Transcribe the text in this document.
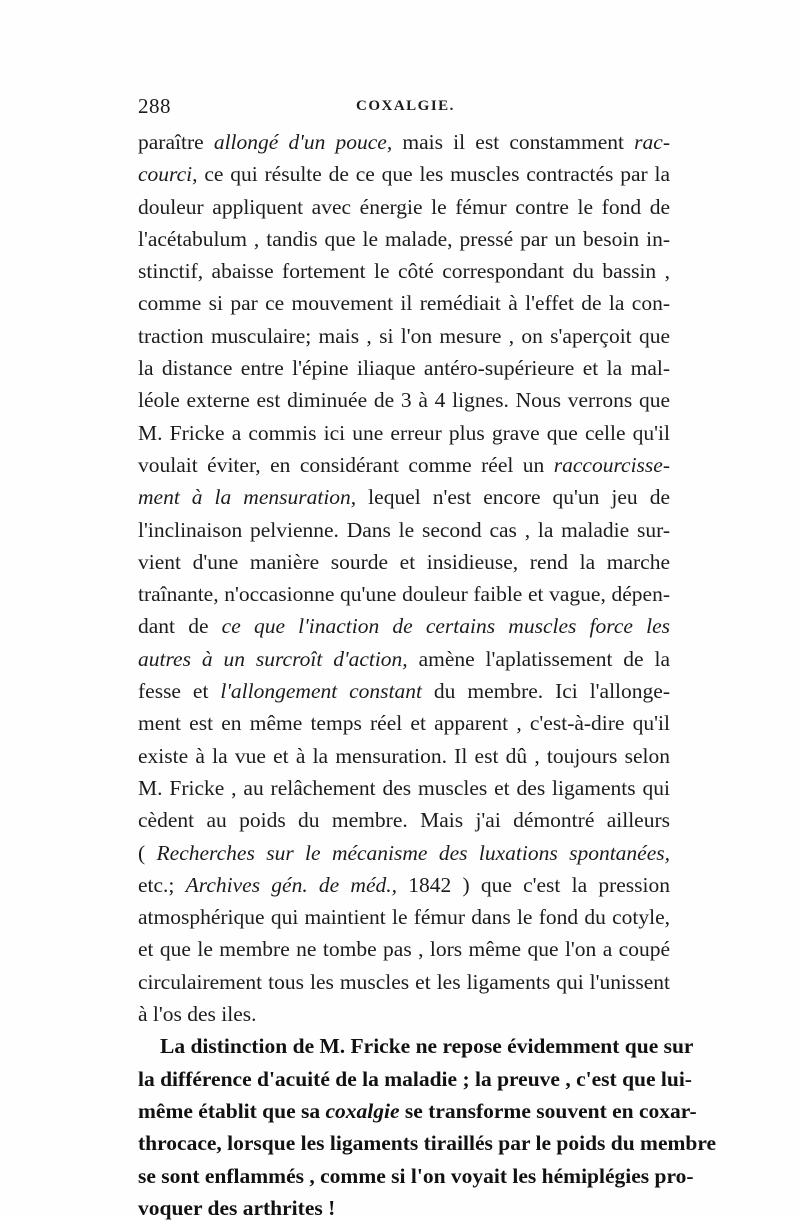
288	COXALGIE.
paraître allongé d'un pouce, mais il est constamment rac-
courci, ce qui résulte de ce que les muscles contractés par la
douleur appliquent avec énergie le fémur contre le fond de
l'acétabulum , tandis que le malade, pressé par un besoin in-
stinctif, abaisse fortement le côté correspondant du bassin ,
comme si par ce mouvement il remédiait à l'effet de la con-
traction musculaire; mais , si l'on mesure , on s'aperçoit que
la distance entre l'épine iliaque antéro-supérieure et la mal-
léole externe est diminuée de 3 à 4 lignes. Nous verrons que
M. Fricke a commis ici une erreur plus grave que celle qu'il
voulait éviter, en considérant comme réel un raccourcisse-
ment à la mensuration, lequel n'est encore qu'un jeu de
l'inclinaison pelvienne. Dans le second cas , la maladie sur-
vient d'une manière sourde et insidieuse, rend la marche
traînante, n'occasionne qu'une douleur faible et vague, dépen-
dant de ce que l'inaction de certains muscles force les
autres à un surcroît d'action, amène l'aplatissement de la
fesse et l'allongement constant du membre. Ici l'allonge-
ment est en même temps réel et apparent , c'est-à-dire qu'il
existe à la vue et à la mensuration. Il est dû , toujours selon
M. Fricke , au relâchement des muscles et des ligaments qui
cèdent au poids du membre. Mais j'ai démontré ailleurs
( Recherches sur le mécanisme des luxations spontanées,
etc.; Archives gén. de méd., 1842 ) que c'est la pression
atmosphérique qui maintient le fémur dans le fond du cotyle,
et que le membre ne tombe pas , lors même que l'on a coupé
circulairement tous les muscles et les ligaments qui l'unissent
à l'os des iles.
La distinction de M. Fricke ne repose évidemment que sur
la différence d'acuité de la maladie ; la preuve , c'est que lui-
même établit que sa coxalgie se transforme souvent en coxar-
throcace, lorsque les ligaments tiraillés par le poids du membre
se sont enflammés , comme si l'on voyait les hémiplégies pro-
voquer des arthrites !
